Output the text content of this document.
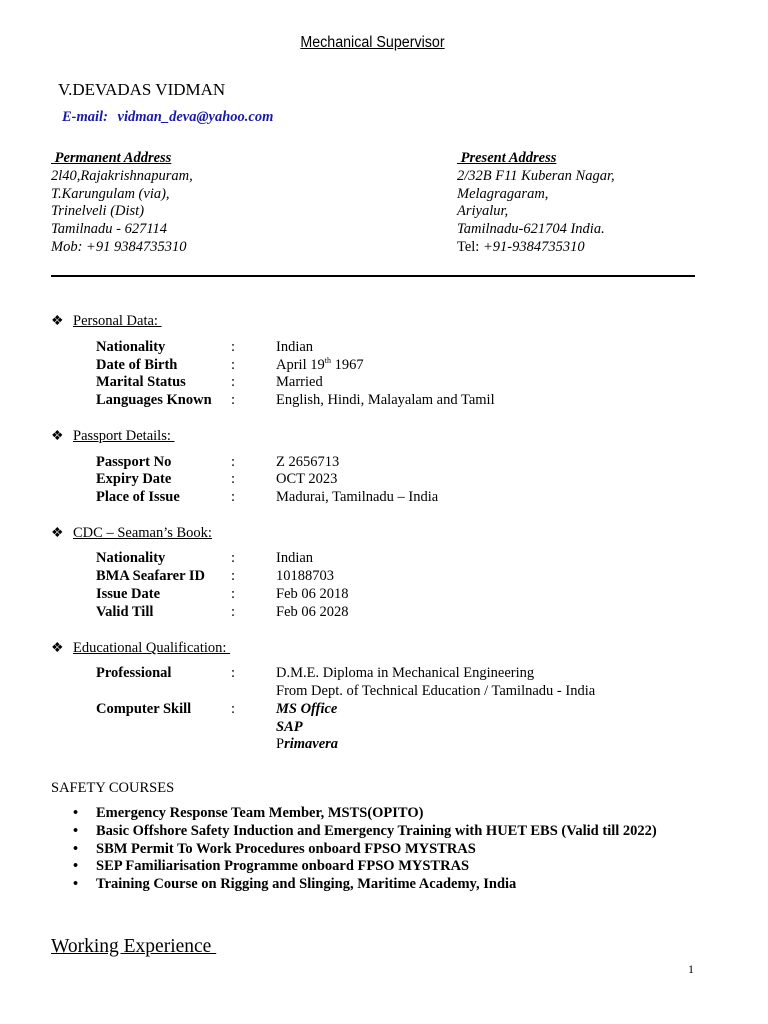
Mechanical Supervisor
V.DEVADAS VIDMAN
E-mail: vidman_deva@yahoo.com
Permanent Address
2l40,Rajakrishnapuram,
T.Karungulam (via),
Trinelveli (Dist)
Tamilnadu - 627114
Mob: +91 9384735310
Present Address
2/32B F11 Kuberan Nagar,
Melagragaram,
Ariyalur,
Tamilnadu-621704 India.
Tel: +91-9384735310
❖ Personal Data:
Nationality	:	Indian
Date of Birth	:	April 19th 1967
Marital Status	:	Married
Languages Known :	English, Hindi, Malayalam and Tamil
❖ Passport Details:
Passport No	:	Z 2656713
Expiry Date	:	OCT 2023
Place of Issue	:	Madurai, Tamilnadu – India
❖ CDC – Seaman’s Book:
Nationality	:	Indian
BMA Seafarer ID :	10188703
Issue Date	:	Feb 06 2018
Valid Till	:	Feb 06 2028
❖ Educational Qualification:
Professional	:	D.M.E. Diploma in Mechanical Engineering
From Dept. of Technical Education / Tamilnadu - India
Computer Skill	:	MS Office
SAP
Primavera
SAFETY COURSES
• Emergency Response Team Member, MSTS(OPITO)
• Basic Offshore Safety Induction and Emergency Training with HUET EBS (Valid till 2022)
• SBM Permit To Work Procedures onboard FPSO MYSTRAS
• SEP Familiarisation Programme onboard FPSO MYSTRAS
• Training Course on Rigging and Slinging, Maritime Academy, India
Working Experience
1
